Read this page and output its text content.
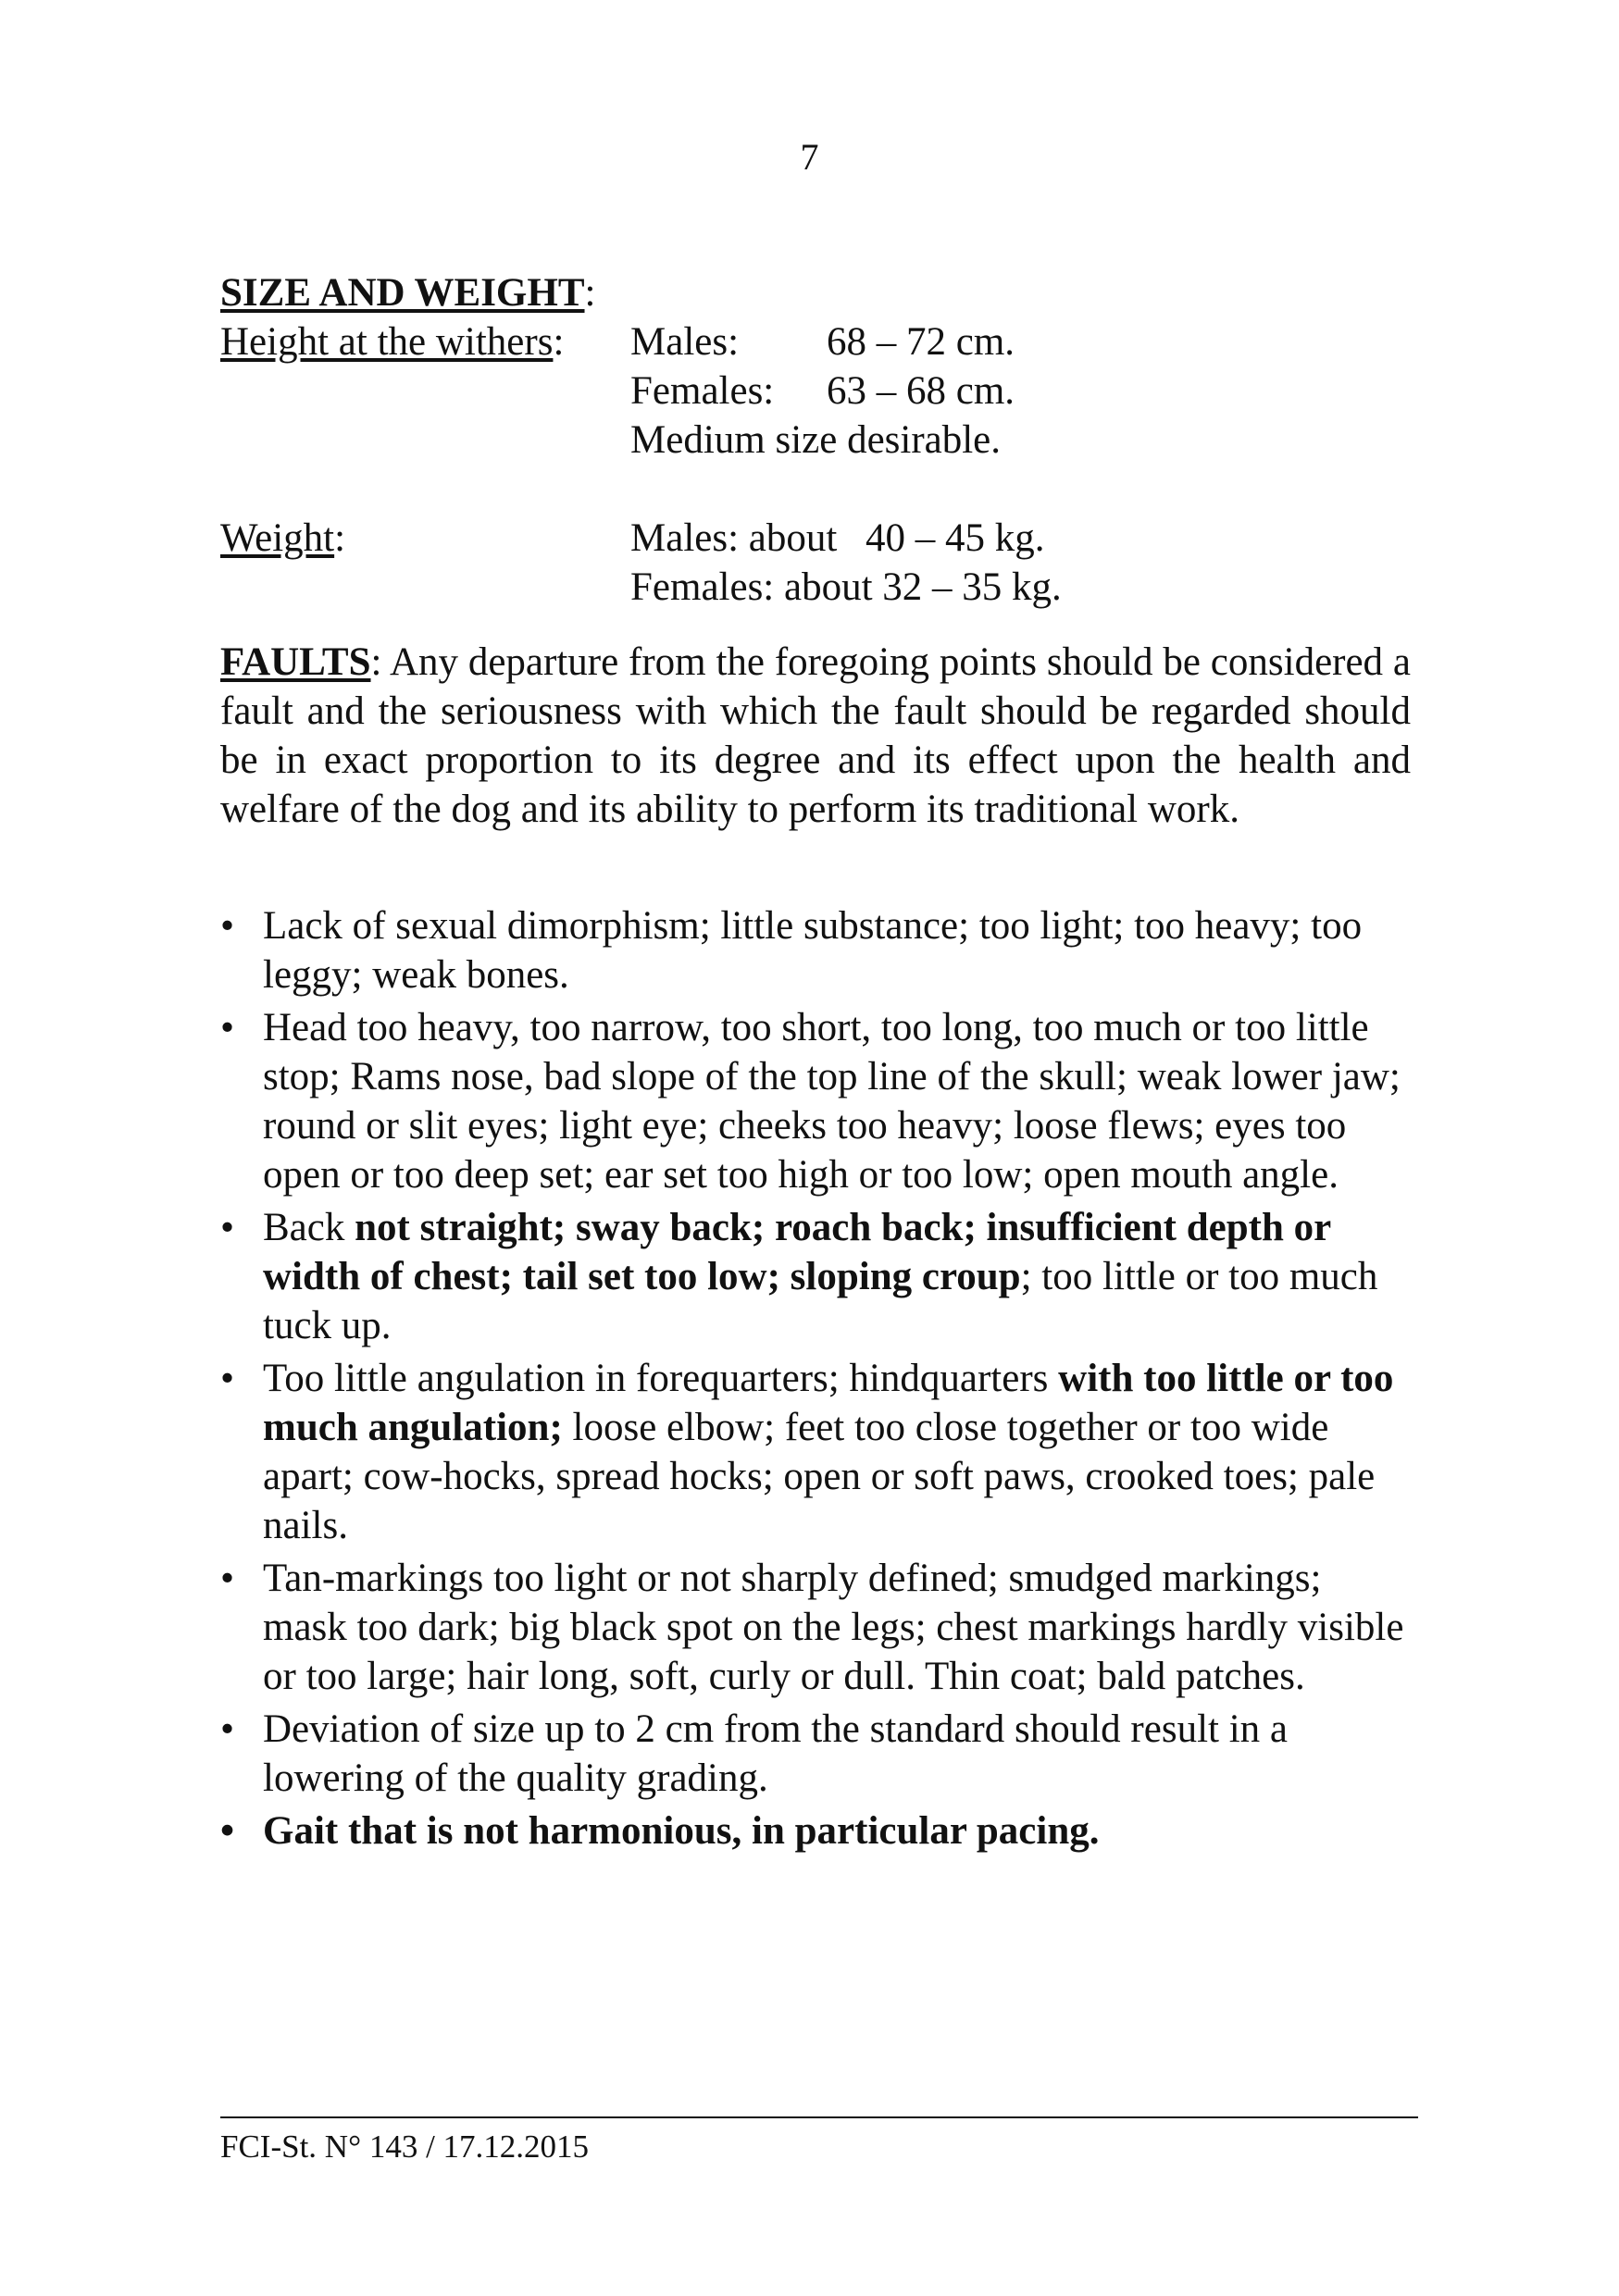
7
SIZE AND WEIGHT:
Height at the withers:	Males:	68 – 72 cm.
Females:	63 – 68 cm.
Medium size desirable.
Weight:	Males: about 40 – 45 kg.
Females: about 32 – 35 kg.
FAULTS: Any departure from the foregoing points should be considered a fault and the seriousness with which the fault should be regarded should be in exact proportion to its degree and its effect upon the health and welfare of the dog and its ability to perform its traditional work.
• Lack of sexual dimorphism; little substance; too light; too heavy; too leggy; weak bones.
• Head too heavy, too narrow, too short, too long, too much or too little stop; Rams nose, bad slope of the top line of the skull; weak lower jaw; round or slit eyes; light eye; cheeks too heavy; loose flews; eyes too open or too deep set; ear set too high or too low; open mouth angle.
• Back not straight; sway back; roach back; insufficient depth or width of chest; tail set too low; sloping croup; too little or too much tuck up.
• Too little angulation in forequarters; hindquarters with too little or too much angulation; loose elbow; feet too close together or too wide apart; cow-hocks, spread hocks; open or soft paws, crooked toes; pale nails.
• Tan-markings too light or not sharply defined; smudged markings; mask too dark; big black spot on the legs; chest markings hardly visible or too large; hair long, soft, curly or dull. Thin coat; bald patches.
• Deviation of size up to 2 cm from the standard should result in a lowering of the quality grading.
• Gait that is not harmonious, in particular pacing.
FCI-St. N° 143 / 17.12.2015
